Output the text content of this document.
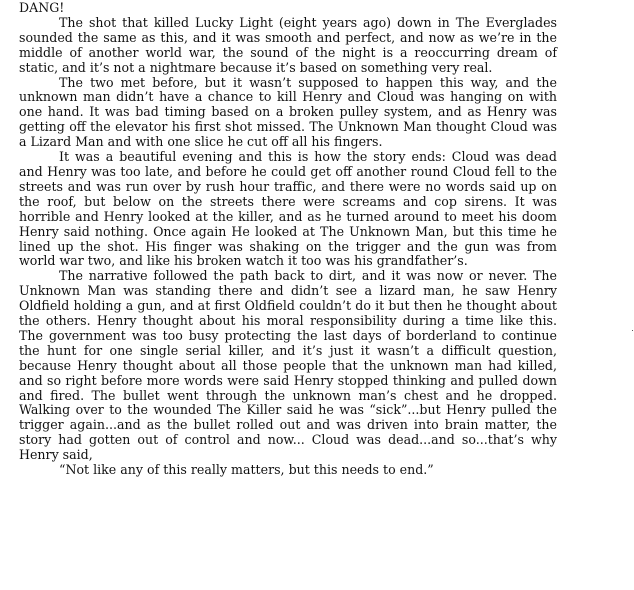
DANG!

The shot that killed Lucky Light (eight years ago) down in The Everglades sounded the same as this, and it was smooth and perfect, and now as we’re in the middle of another world war, the sound of the night is a reoccurring dream of static, and it’s not a nightmare because it’s based on something very real.

The two met before, but it wasn’t supposed to happen this way, and the unknown man didn’t have a chance to kill Henry and Cloud was hanging on with one hand. It was bad timing based on a broken pulley system, and as Henry was getting off the elevator his first shot missed. The Unknown Man thought Cloud was a Lizard Man and with one slice he cut off all his fingers.

It was a beautiful evening and this is how the story ends: Cloud was dead and Henry was too late, and before he could get off another round Cloud fell to the streets and was run over by rush hour traffic, and there were no words said up on the roof, but below on the streets there were screams and cop sirens. It was horrible and Henry looked at the killer, and as he turned around to meet his doom Henry said nothing. Once again He looked at The Unknown Man, but this time he lined up the shot. His finger was shaking on the trigger and the gun was from world war two, and like his broken watch it too was his grandfather’s.

The narrative followed the path back to dirt, and it was now or never. The Unknown Man was standing there and didn’t see a lizard man, he saw Henry Oldfield holding a gun, and at first Oldfield couldn’t do it but then he thought about the others. Henry thought about his moral responsibility during a time like this. The government was too busy protecting the last days of borderland to continue the hunt for one single serial killer, and it’s just it wasn’t a difficult question, because Henry thought about all those people that the unknown man had killed, and so right before more words were said Henry stopped thinking and pulled down and fired. The bullet went through the unknown man’s chest and he dropped. Walking over to the wounded The Killer said he was “sick”...but Henry pulled the trigger again...and as the bullet rolled out and was driven into brain matter, the story had gotten out of control and now... Cloud was dead...and so...that’s why Henry said,

“Not like any of this really matters, but this needs to end.”
